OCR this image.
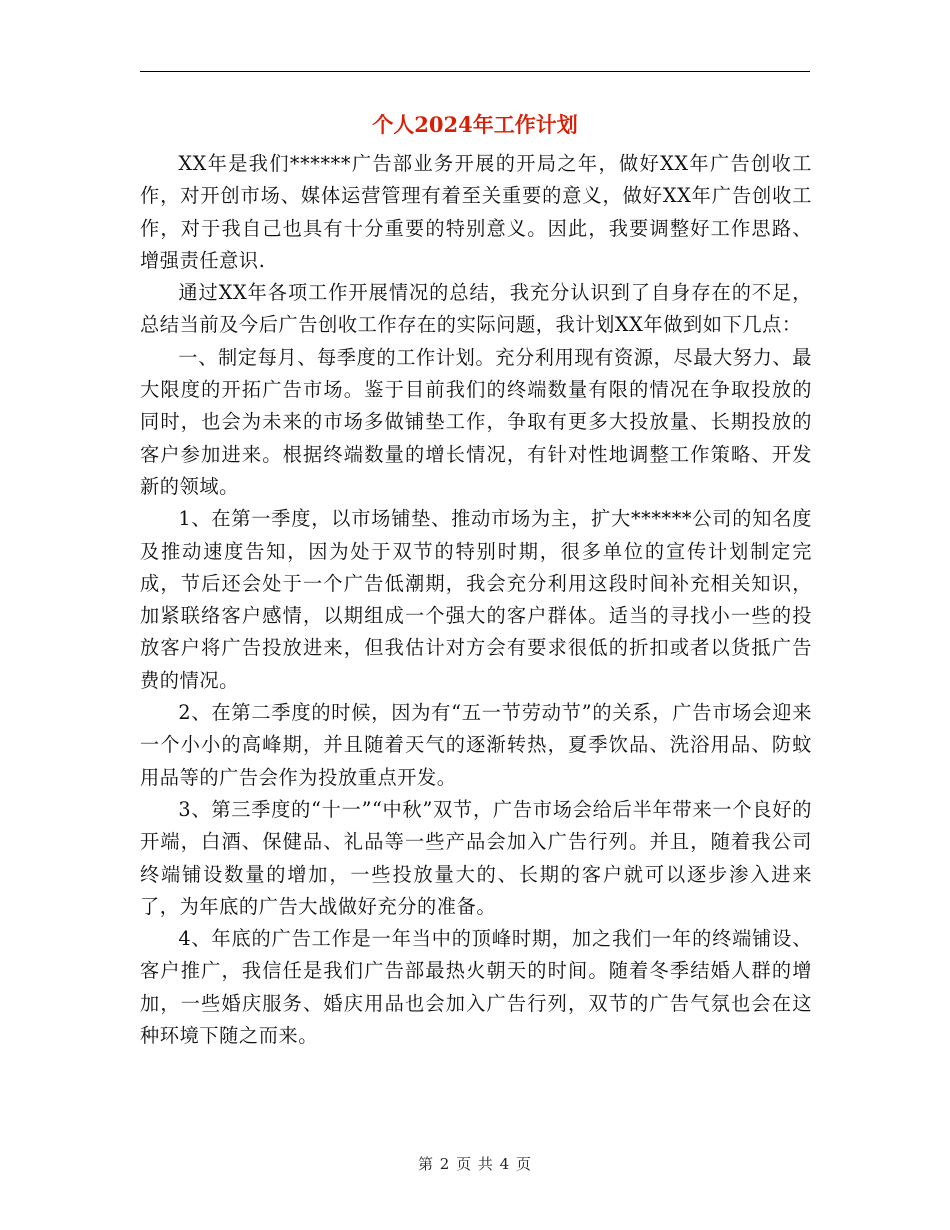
个人2024年工作计划

XX年是我们******广告部业务开展的开局之年，做好XX年广告创收工作，对开创市场、媒体运营管理有着至关重要的意义，做好XX年广告创收工作，对于我自己也具有十分重要的特别意义。因此，我要调整好工作思路、增强责任意识.

通过XX年各项工作开展情况的总结，我充分认识到了自身存在的不足，总结当前及今后广告创收工作存在的实际问题，我计划XX年做到如下几点：

一、制定每月、每季度的工作计划。充分利用现有资源，尽最大努力、最大限度的开拓广告市场。鉴于目前我们的终端数量有限的情况在争取投放的同时，也会为未来的市场多做铺垫工作，争取有更多大投放量、长期投放的客户参加进来。根据终端数量的增长情况，有针对性地调整工作策略、开发新的领域。

1、在第一季度，以市场铺垫、推动市场为主，扩大******公司的知名度及推动速度告知，因为处于双节的特别时期，很多单位的宣传计划制定完成，节后还会处于一个广告低潮期，我会充分利用这段时间补充相关知识，加紧联络客户感情，以期组成一个强大的客户群体。适当的寻找小一些的投放客户将广告投放进来，但我估计对方会有要求很低的折扣或者以货抵广告费的情况。

2、在第二季度的时候，因为有“五一节劳动节”的关系，广告市场会迎来一个小小的高峰期，并且随着天气的逐渐转热，夏季饮品、洗浴用品、防蚊用品等的广告会作为投放重点开发。

3、第三季度的“十一”“中秋”双节，广告市场会给后半年带来一个良好的开端，白酒、保健品、礼品等一些产品会加入广告行列。并且，随着我公司终端铺设数量的增加，一些投放量大的、长期的客户就可以逐步渗入进来了，为年底的广告大战做好充分的准备。

4、年底的广告工作是一年当中的顶峰时期，加之我们一年的终端铺设、客户推广，我信任是我们广告部最热火朝天的时间。随着冬季结婚人群的增加，一些婚庆服务、婚庆用品也会加入广告行列，双节的广告气氛也会在这种环境下随之而来。

第 2 页 共 4 页
